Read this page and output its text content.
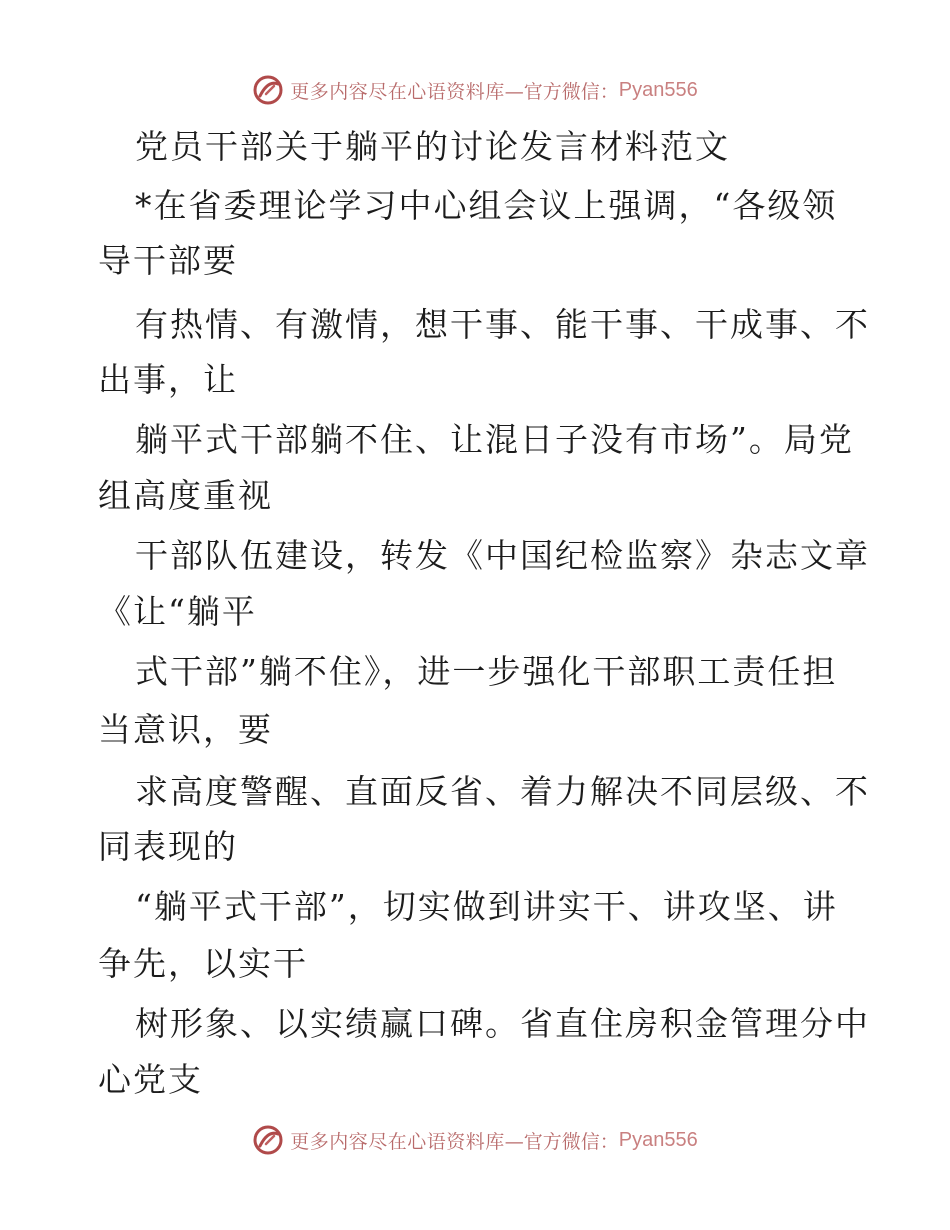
更多内容尽在心语资料库 —官方微信： Pyan556
党员干部关于躺平的讨论发言材料范文
*在省委理论学习中心组会议上强调，“各级领
导干部要
有热情、有激情，想干事、能干事、干成事、不
出事，让
躺平式干部躺不住、让混日子没有市场”。局党
组高度重视
干部队伍建设，转发《中国纪检监察》杂志文章
《让“躺平
式干部”躺不住》，进一步强化干部职工责任担
当意识，要
求高度警醒、直面反省、着力解决不同层级、不
同表现的
“躺平式干部”，切实做到讲实干、讲攻坚、讲
争先，以实干
树形象、以实绩赢口碑。省直住房积金管理分中
心党支
更多内容尽在心语资料库 —官方微信： Pyan556
